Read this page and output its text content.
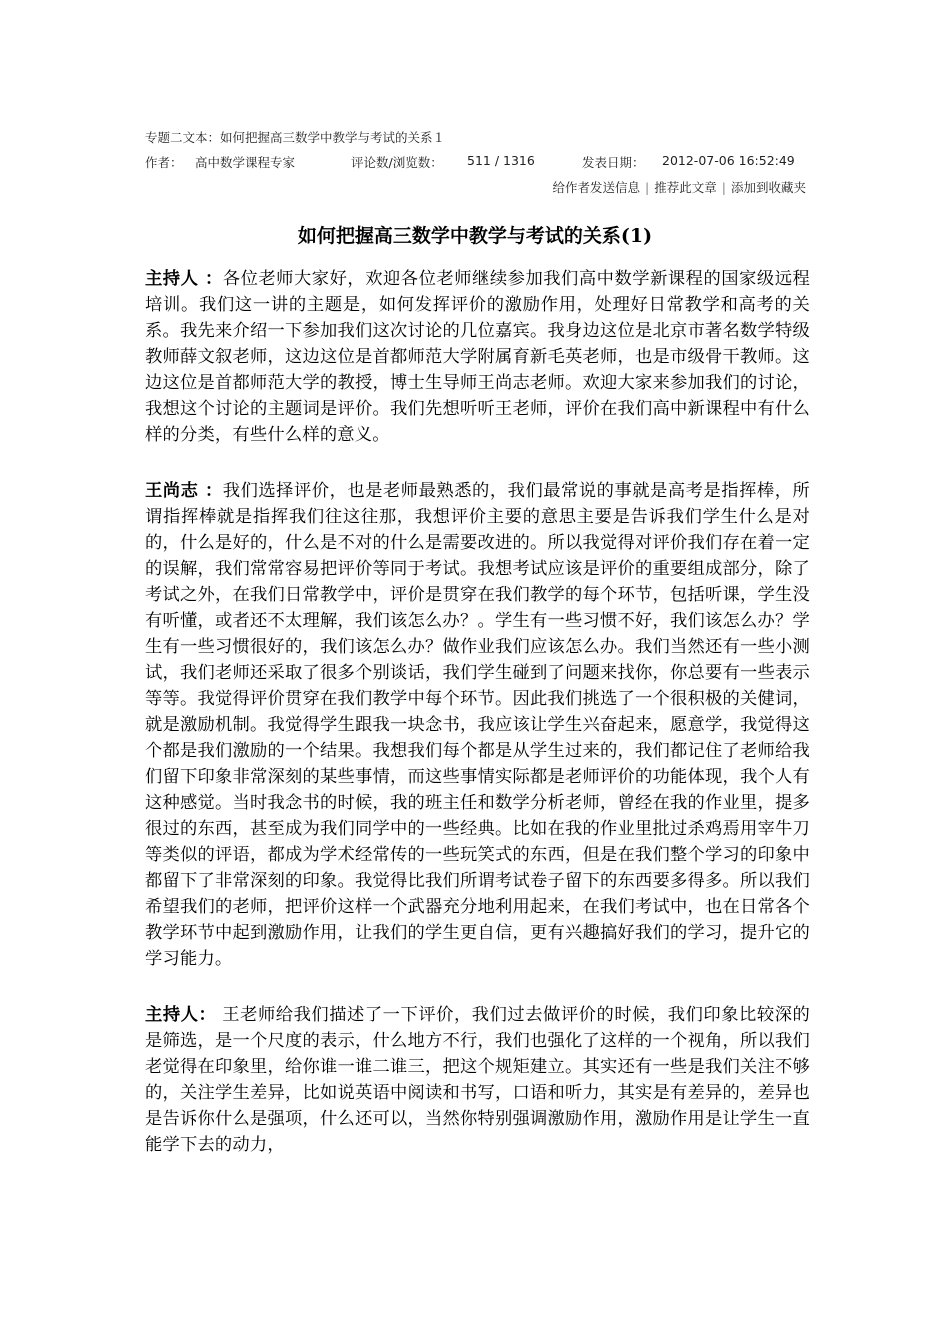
专题二文本：如何把握高三数学中教学与考试的关系１
作者： 高中数学课程专家	评论数/浏览数： 511 / 1316	发表日期： 2012-07-06 16:52:49
给作者发送信息 | 推荐此文章 | 添加到收藏夹
如何把握高三数学中教学与考试的关系(1)

主持人 ：各位老师大家好，欢迎各位老师继续参加我们高中数学新课程的国家级远程培训。我们这一讲的主题是，如何发挥评价的激励作用，处理好日常教学和高考的关系。我先来介绍一下参加我们这次讨论的几位嘉宾。我身边这位是北京市著名数学特级教师薛文叙老师，这边这位是首都师范大学附属育新毛英老师，也是市级骨干教师。这边这位是首都师范大学的教授，博士生导师王尚志老师。欢迎大家来参加我们的讨论，我想这个讨论的主题词是评价。我们先想听听王老师，评价在我们高中新课程中有什么样的分类，有些什么样的意义。

王尚志 ：我们选择评价，也是老师最熟悉的，我们最常说的事就是高考是指挥棒，所谓指挥棒就是指挥我们往这往那，我想评价主要的意思主要是告诉我们学生什么是对的，什么是好的，什么是不对的什么是需要改进的。所以我觉得对评价我们存在着一定的误解，我们常常容易把评价等同于考试。我想考试应该是评价的重要组成部分，除了考试之外，在我们日常教学中，评价是贯穿在我们教学的每个环节，包括听课，学生没有听懂，或者还不太理解，我们该怎么办？。学生有一些习惯不好，我们该怎么办？学生有一些习惯很好的，我们该怎么办？做作业我们应该怎么办。我们当然还有一些小测试，我们老师还采取了很多个别谈话，我们学生碰到了问题来找你，你总要有一些表示等等。我觉得评价贯穿在我们教学中每个环节。因此我们挑选了一个很积极的关健词，就是激励机制。我觉得学生跟我一块念书，我应该让学生兴奋起来，愿意学，我觉得这个都是我们激励的一个结果。我想我们每个都是从学生过来的，我们都记住了老师给我们留下印象非常深刻的某些事情，而这些事情实际都是老师评价的功能体现，我个人有这种感觉。当时我念书的时候，我的班主任和数学分析老师，曾经在我的作业里，提多很过的东西，甚至成为我们同学中的一些经典。比如在我的作业里批过杀鸡焉用宰牛刀等类似的评语，都成为学术经常传的一些玩笑式的东西，但是在我们整个学习的印象中都留下了非常深刻的印象。我觉得比我们所谓考试卷子留下的东西要多得多。所以我们希望我们的老师，把评价这样一个武器充分地利用起来，在我们考试中，也在日常各个教学环节中起到激励作用，让我们的学生更自信，更有兴趣搞好我们的学习，提升它的学习能力。

主持人： 王老师给我们描述了一下评价，我们过去做评价的时候，我们印象比较深的是筛选，是一个尺度的表示，什么地方不行，我们也强化了这样的一个视角，所以我们老觉得在印象里，给你谁一谁二谁三，把这个规矩建立。其实还有一些是我们关注不够的，关注学生差异，比如说英语中阅读和书写，口语和听力，其实是有差异的，差异也是告诉你什么是强项，什么还可以，当然你特别强调激励作用，激励作用是让学生一直能学下去的动力，
